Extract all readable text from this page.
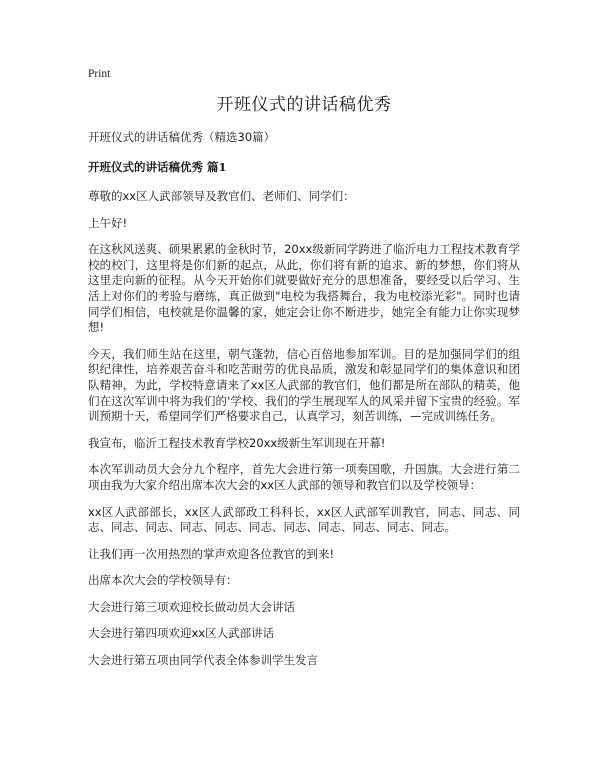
Print
开班仪式的讲话稿优秀

开班仪式的讲话稿优秀（精选30篇）

开班仪式的讲话稿优秀 篇1

尊敬的xx区人武部领导及教官们、老师们、同学们：

上午好!

在这秋风送爽、硕果累累的金秋时节，20xx级新同学跨进了临沂电力工程技术教育学校的校门，这里将是你们新的起点，从此，你们将有新的追求、新的梦想，你们将从这里走向新的征程。从今天开始你们就要做好充分的思想准备，要经受以后学习、生活上对你们的考验与磨练，真正做到"电校为我搭舞台，我为电校添光彩"。同时也请同学们相信，电校就是你温馨的家，她定会让你不断进步，她完全有能力让你实现梦想!

今天，我们师生站在这里，朝气蓬勃，信心百倍地参加军训。目的是加强同学们的组织纪律性，培养艰苦奋斗和吃苦耐劳的优良品质，激发和彰显同学们的集体意识和团队精神，为此，学校特意请来了xx区人武部的教官们，他们都是所在部队的精英，他们在这次军训中将为我们的'学校、我们的学生展现军人的风采并留下宝贵的经验。军训预期十天，希望同学们严格要求自己，认真学习，刻苦训练，—完成训练任务。

我宣布，临沂工程技术教育学校20xx级新生军训现在开幕!

本次军训动员大会分九个程序，首先大会进行第一项奏国歌，升国旗。大会进行第二项由我为大家介绍出席本次大会的xx区人武部的领导和教官们以及学校领导：

xx区人武部部长，xx区人武部政工科科长，xx区人武部军训教官，同志、同志、同志、同志、同志、同志、同志、同志、同志、同志、同志、同志、同志。

让我们再一次用热烈的掌声欢迎各位教官的到来!

出席本次大会的学校领导有：

大会进行第三项欢迎校长做动员大会讲话

大会进行第四项欢迎xx区人武部讲话

大会进行第五项由同学代表全体参训学生发言
